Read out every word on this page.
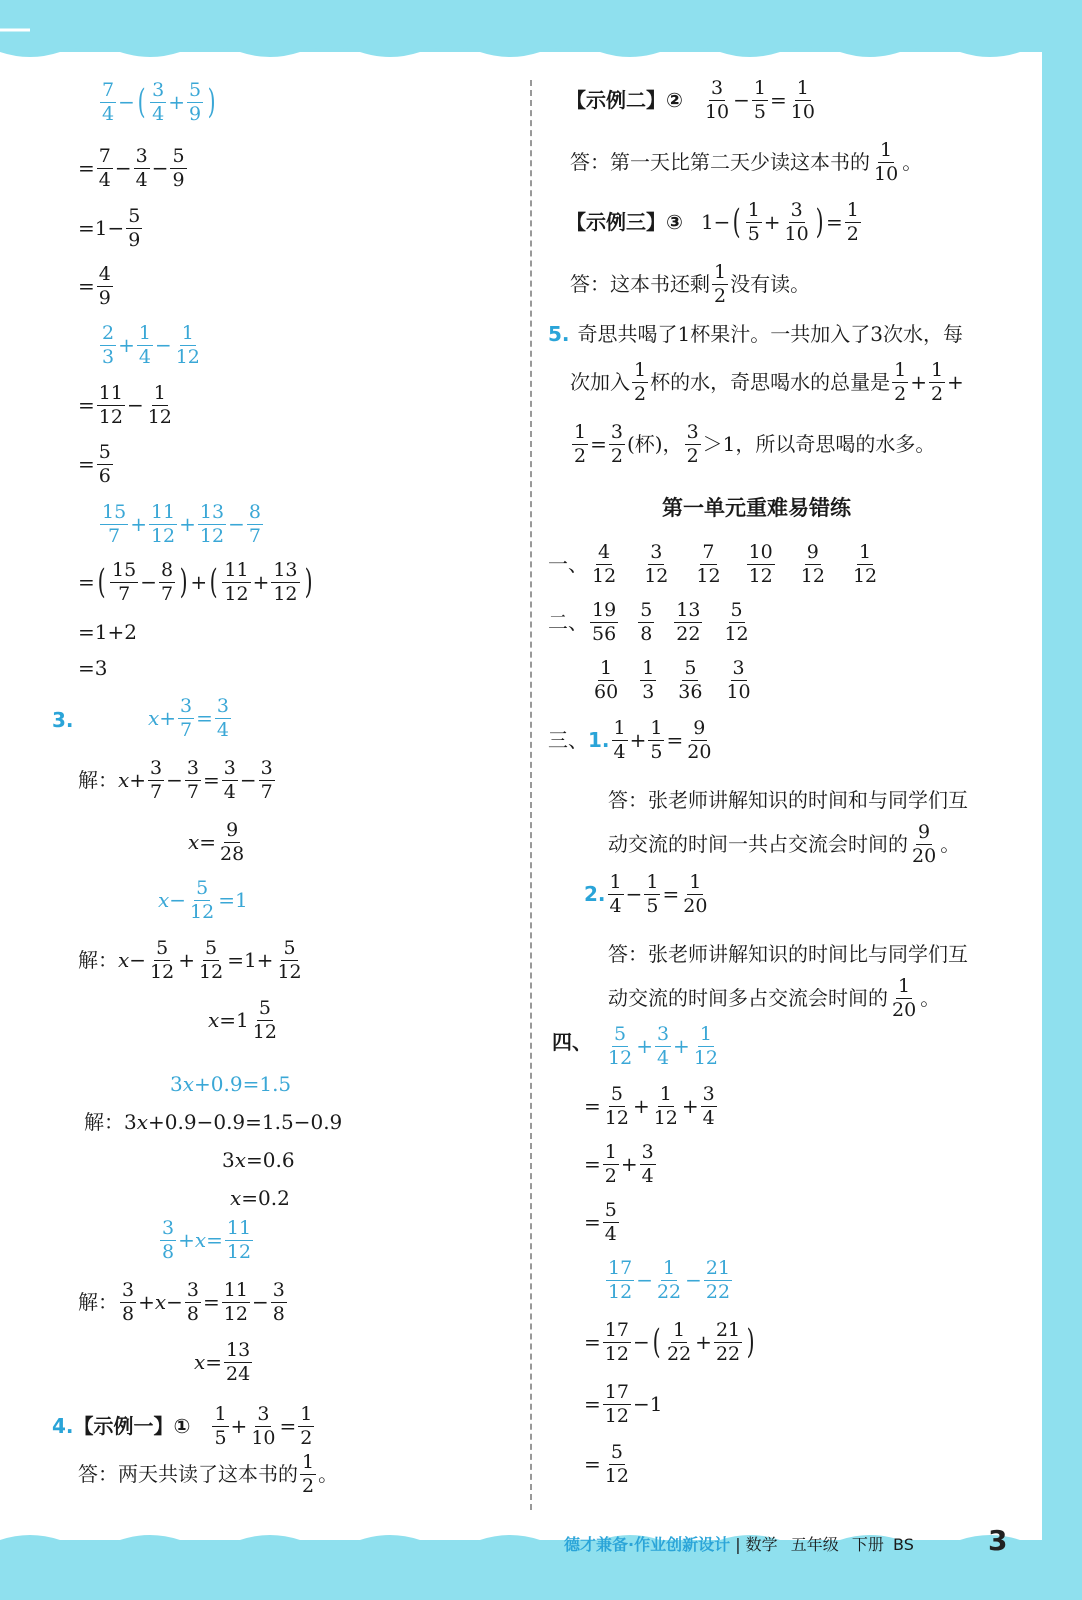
$\frac{7}{4}$ − ( $\frac{3}{4} + \frac{5}{9}$ )
= $\frac{7}{4} - \frac{3}{4} - \frac{5}{9}$
$=1- \frac{5}{9}$
= $\frac{4}{9}$
$\frac{2}{3} + \frac{1}{4} - \frac{1}{12}$
= $\frac{11}{12} - \frac{1}{12}$
= $\frac{5}{6}$
$\frac{15}{7} + \frac{11}{12} + \frac{13}{12} - \frac{8}{7}$
= ( $\frac{15}{7} - \frac{8}{7}$ ) + ( $\frac{11}{12} + \frac{13}{12}$ )
=1+2
=3
3.	$x + \frac{3}{7} = \frac{3}{4}$
解： $x + \frac{3}{7} - \frac{3}{7} = \frac{3}{4} - \frac{3}{7}$
$x = \frac{9}{28}$
$x - \frac{5}{12} =1$
解： $x - \frac{5}{12} + \frac{5}{12} =1+ \frac{5}{12}$
$x =1 \frac{5}{12}$
3x+0.9=1.5
解： 3 x +0.9−0.9=1.5−0.9
3 x =0.6
x =0.2
$\frac{3}{8} + x = \frac{11}{12}$
解： $\frac{3}{8} + x - \frac{3}{8} = \frac{11}{12} - \frac{3}{8}$
$x = \frac{13}{24}$
4. 【示例一】① $\frac{1}{5} + \frac{3}{10} = \frac{1}{2}$
答： 两天共读了这本书的 $\frac{1}{2}$ 。
【示例二】② $\frac{3}{10} - \frac{1}{5} = \frac{1}{10}$
答： 第一天比第二天少读这本书的 $\frac{1}{10}$ 。
【示例三】③ 1− ( $\frac{1}{5} + \frac{3}{10}$ ) = $\frac{1}{2}$
答： 这本书还剩 $\frac{1}{2}$ 没有读。
5. 奇思共喝了1杯果汁。一共加入了3次水，每
次加入 $\frac{1}{2}$ 杯的水，奇思喝水的总量是 $\frac{1}{2} + \frac{1}{2}$ +
$\frac{1}{2} = \frac{3}{2}$ (杯)， $\frac{3}{2} >1$，所以奇思喝的水多。
第一单元重难易错练
一、 $\frac{4}{12} \frac{3}{12} \frac{7}{12} \frac{10}{12} \frac{9}{12} \frac{1}{12}$
二、 $\frac{19}{56} \frac{5}{8} \frac{13}{22} \frac{5}{12}$
$\frac{1}{60} \frac{1}{3} \frac{5}{36} \frac{3}{10}$
三、 1. $\frac{1}{4} + \frac{1}{5} = \frac{9}{20}$
答：张老师讲解知识的时间和与同学们互
动交流的时间一共占交流会时间的 $\frac{9}{20}$ 。
2. $\frac{1}{4} - \frac{1}{5} = \frac{1}{20}$
答：张老师讲解知识的时间比与同学们互
动交流的时间多占交流会时间的 $\frac{1}{20}$ 。
四、 $\frac{5}{12} + \frac{3}{4} + \frac{1}{12}$
= $\frac{5}{12} + \frac{1}{12} + \frac{3}{4}$
= $\frac{1}{2} + \frac{3}{4}$
= $\frac{5}{4}$
$\frac{17}{12} - \frac{1}{22} - \frac{21}{22}$
= $\frac{17}{12}$ − ( $\frac{1}{22} + \frac{21}{22}$ )
= $\frac{17}{12} -1$
= $\frac{5}{12}$
德才兼备·作业创新设计 | 数学 五年级 下册 BS	3
